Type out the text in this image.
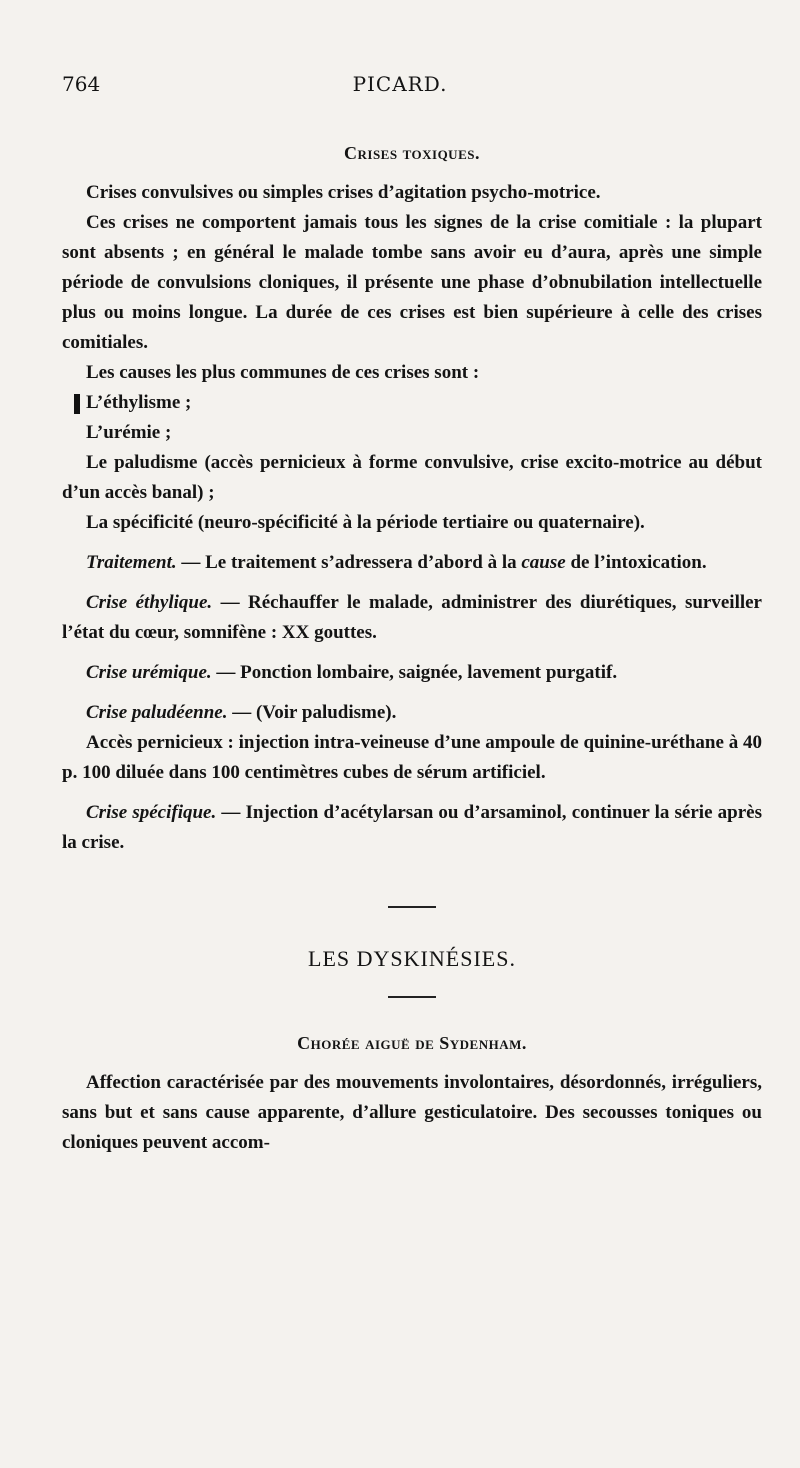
764	PICARD.

Crises toxiques.

Crises convulsives ou simples crises d’agitation psycho-motrice.

Ces crises ne comportent jamais tous les signes de la crise comitiale : la plupart sont absents ; en général le malade tombe sans avoir eu d’aura, après une simple période de convulsions cloniques, il présente une phase d’obnubilation intellectuelle plus ou moins longue. La durée de ces crises est bien supérieure à celle des crises comitiales.

Les causes les plus communes de ces crises sont :

L’éthylisme ;

L’urémie ;

Le paludisme (accès pernicieux à forme convulsive, crise excito-motrice au début d’un accès banal) ;

La spécificité (neuro-spécificité à la période tertiaire ou quaternaire).

Traitement. — Le traitement s’adressera d’abord à la cause de l’intoxication.

Crise éthylique. — Réchauffer le malade, administrer des diurétiques, surveiller l’état du cœur, somnifène : XX gouttes.

Crise urémique. — Ponction lombaire, saignée, lavement purgatif.

Crise paludéenne. — (Voir paludisme).

Accès pernicieux : injection intra-veineuse d’une ampoule de quinine-uréthane à 40 p. 100 diluée dans 100 centimètres cubes de sérum artificiel.

Crise spécifique. — Injection d’acétylarsan ou d’arsaminol, continuer la série après la crise.

LES DYSKINÉSIES.

Chorée aiguë de Sydenham.

Affection caractérisée par des mouvements involontaires, désordonnés, irréguliers, sans but et sans cause apparente, d’allure gesticulatoire. Des secousses toniques ou cloniques peuvent accom-
